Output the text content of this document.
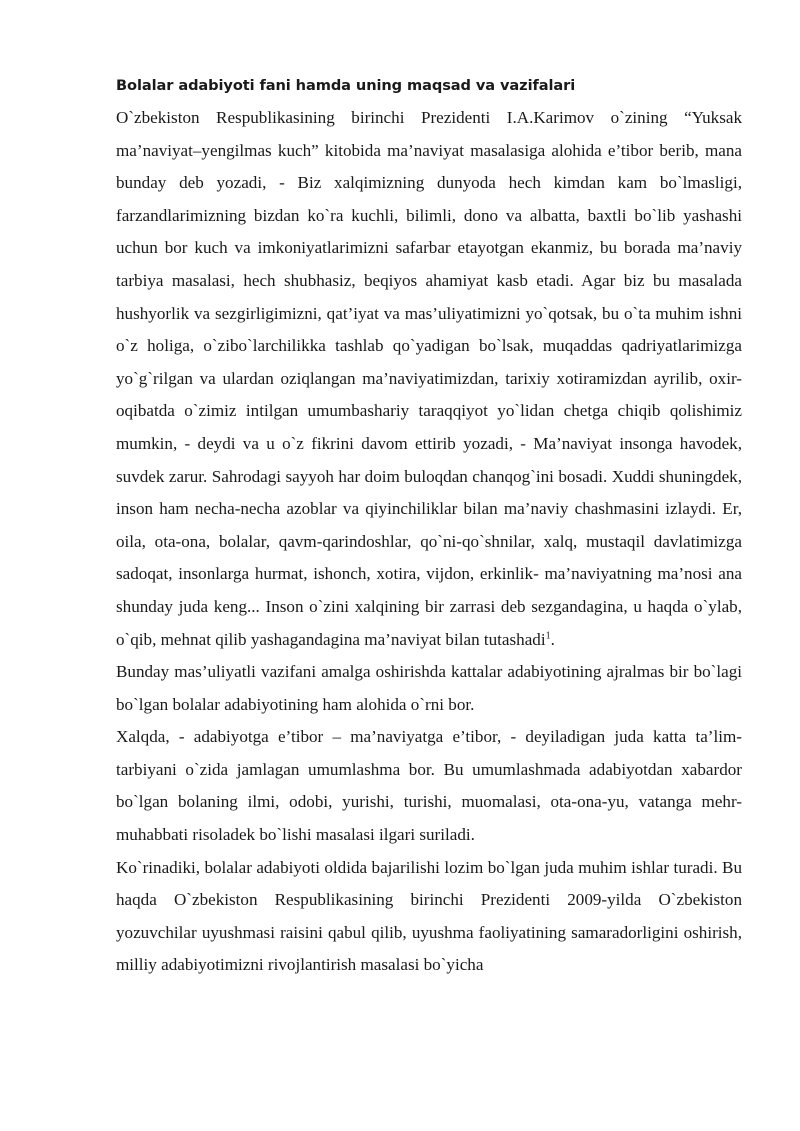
Bolalar adabiyoti fani hamda uning maqsad va vazifalari

O`zbekiston Respublikasining birinchi Prezidenti I.A.Karimov o`zining “Yuksak ma’naviyat–yengilmas kuch” kitobida ma’naviyat masalasiga alohida e’tibor berib, mana bunday deb yozadi, - Biz xalqimizning dunyoda hech kimdan kam bo`lmasligi, farzandlarimizning bizdan ko`ra kuchli, bilimli, dono va albatta, baxtli bo`lib yashashi uchun bor kuch va imkoniyatlarimizni safarbar etayotgan ekanmiz, bu borada ma’naviy tarbiya masalasi, hech shubhasiz, beqiyos ahamiyat kasb etadi. Agar biz bu masalada hushyorlik va sezgirligimizni, qat’iyat va mas’uliyatimizni yo`qotsak, bu o`ta muhim ishni o`z holiga, o`zibo`larchilikka tashlab qo`yadigan bo`lsak, muqaddas qadriyatlarimizga yo`g`rilgan va ulardan oziqlangan ma’naviyatimizdan, tarixiy xotiramizdan ayrilib, oxir-oqibatda o`zimiz intilgan umumbashariy taraqqiyot yo`lidan chetga chiqib qolishimiz mumkin, - deydi va u o`z fikrini davom ettirib yozadi, - Ma’naviyat insonga havodek, suvdek zarur. Sahrodagi sayyoh har doim buloqdan chanqog`ini bosadi. Xuddi shuningdek, inson ham necha-necha azoblar va qiyinchiliklar bilan ma’naviy chashmasini izlaydi. Er, oila, ota-ona, bolalar, qavm-qarindoshlar, qo`ni-qo`shnilar, xalq, mustaqil davlatimizga sadoqat, insonlarga hurmat, ishonch, xotira, vijdon, erkinlik- ma’naviyatning ma’nosi ana shunday juda keng... Inson o`zini xalqining bir zarrasi deb sezgandagina, u haqda o`ylab, o`qib, mehnat qilib yashagandagina ma’naviyat bilan tutashadi$^1$.

Bunday mas’uliyatli vazifani amalga oshirishda kattalar adabiyotining ajralmas bir bo`lagi bo`lgan bolalar adabiyotining ham alohida o`rni bor.

Xalqda, - adabiyotga e’tibor – ma’naviyatga e’tibor, - deyiladigan juda katta ta’lim-tarbiyani o`zida jamlagan umumlashma bor. Bu umumlashmada adabiyotdan xabardor bo`lgan bolaning ilmi, odobi, yurishi, turishi, muomalasi, ota-ona-yu, vatanga mehr-muhabbati risoladek bo`lishi masalasi ilgari suriladi.

Ko`rinadiki, bolalar adabiyoti oldida bajarilishi lozim bo`lgan juda muhim ishlar turadi. Bu haqda O`zbekiston Respublikasining birinchi Prezidenti 2009-yilda O`zbekiston yozuvchilar uyushmasi raisini qabul qilib, uyushma faoliyatining samaradorligini oshirish, milliy adabiyotimizni rivojlantirish masalasi bo`yicha
